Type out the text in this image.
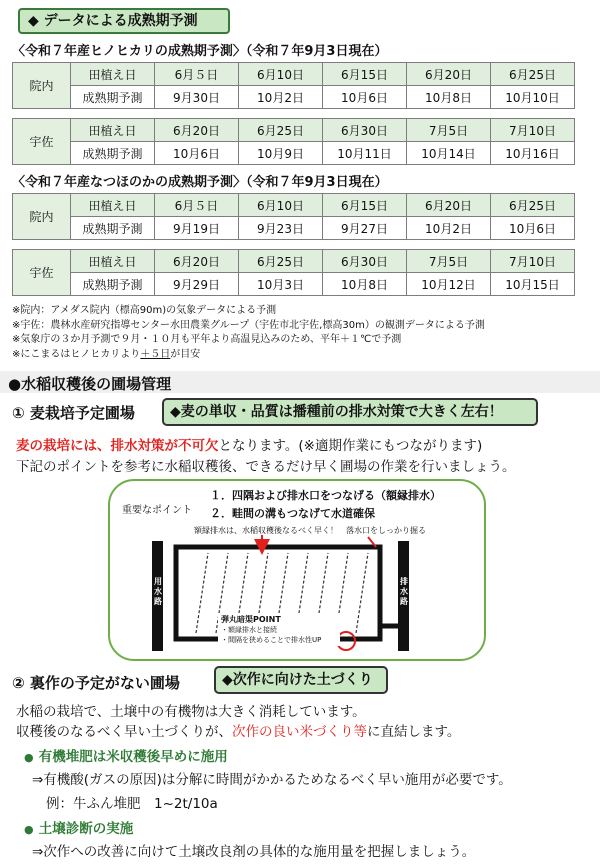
◆ データによる成熟期予測
〈令和７年産ヒノヒカリの成熟期予測〉（令和７年9月3日現在）
院内	田植え日	6月５日	6月10日	6月15日	6月20日	6月25日
	成熟期予測	9月30日	10月2日	10月6日	10月8日	10月10日
宇佐	田植え日	6月20日	6月25日	6月30日	7月5日	7月10日
	成熟期予測	10月6日	10月9日	10月11日	10月14日	10月16日
〈令和７年産なつほのかの成熟期予測〉（令和７年9月3日現在）
院内	田植え日	6月５日	6月10日	6月15日	6月20日	6月25日
	成熟期予測	9月19日	9月23日	9月27日	10月2日	10月6日
宇佐	田植え日	6月20日	6月25日	6月30日	7月5日	7月10日
	成熟期予測	9月29日	10月3日	10月8日	10月12日	10月15日
※院内：アメダス院内（標高90m)の気象データによる予測
※宇佐：農林水産研究指導センター水田農業グループ（宇佐市北宇佐,標高30m）の観測データによる予測
※気象庁の３か月予測で９月・１０月も平年より高温見込みのため、平年＋１℃で予測
※にこまるはヒノヒカリより＋５日が目安
●水稲収穫後の圃場管理
① 麦栽培予定圃場	◆麦の単収・品質は播種前の排水対策で大きく左右！
麦の栽培には、排水対策が不可欠となります。(※適期作業にもつながります)
下記のポイントを参考に水稲収穫後、できるだけ早く圃場の作業を行いましょう。
重要なポイント
１．四隅および排水口をつなげる（額縁排水）
２．畦間の溝もつなげて水道確保
額縁排水は、水稲収穫後なるべく早く！ 落水口をしっかり掘る
用水路
排水路
弾丸暗渠POINT
・額縁排水と接続
・間隔を狭めることで排水性UP
② 裏作の予定がない圃場	◆次作に向けた土づくり
水稲の栽培で、土壌中の有機物は大きく消耗しています。
収穫後のなるべく早い土づくりが、次作の良い米づくり等に直結します。
● 有機堆肥は米収穫後早めに施用
⇒有機酸(ガスの原因)は分解に時間がかかるためなるべく早い施用が必要です。
例：牛ふん堆肥　1~2t/10a
● 土壌診断の実施
⇒次作への改善に向けて土壌改良剤の具体的な施用量を把握しましょう。
